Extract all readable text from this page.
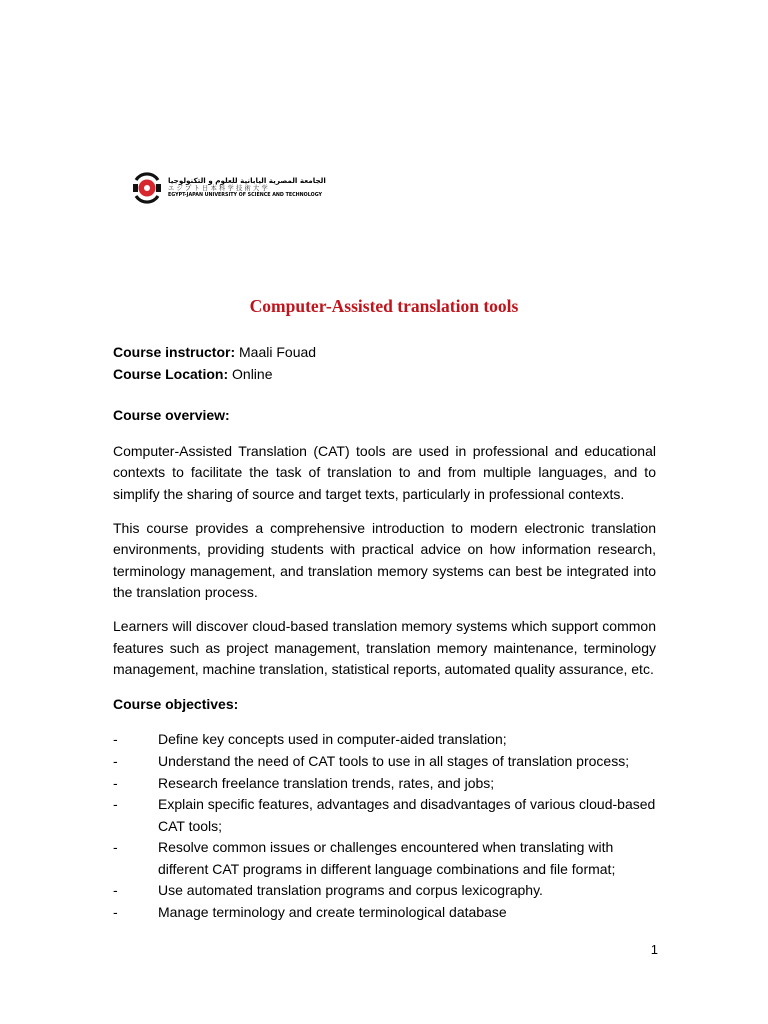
الجامعة المصرية اليابانية للعلوم و التكنولوجيا
エジプト日本科学技術大学
EGYPT-JAPAN UNIVERSITY OF SCIENCE AND TECHNOLOGY
Computer-Assisted translation tools

Course instructor: Maali Fouad

Course Location: Online

Course overview:

Computer-Assisted Translation (CAT) tools are used in professional and educational contexts to facilitate the task of translation to and from multiple languages, and to simplify the sharing of source and target texts, particularly in professional contexts.

This course provides a comprehensive introduction to modern electronic translation environments, providing students with practical advice on how information research, terminology management, and translation memory systems can best be integrated into the translation process.

Learners will discover cloud-based translation memory systems which support common features such as project management, translation memory maintenance, terminology management, machine translation, statistical reports, automated quality assurance, etc.

Course objectives:

-	Define key concepts used in computer-aided translation;
-	Understand the need of CAT tools to use in all stages of translation process;
-	Research freelance translation trends, rates, and jobs;
-	Explain specific features, advantages and disadvantages of various cloud-based CAT tools;
-	Resolve common issues or challenges encountered when translating with different CAT programs in different language combinations and file format;
-	Use automated translation programs and corpus lexicography.
-	Manage terminology and create terminological database
1
